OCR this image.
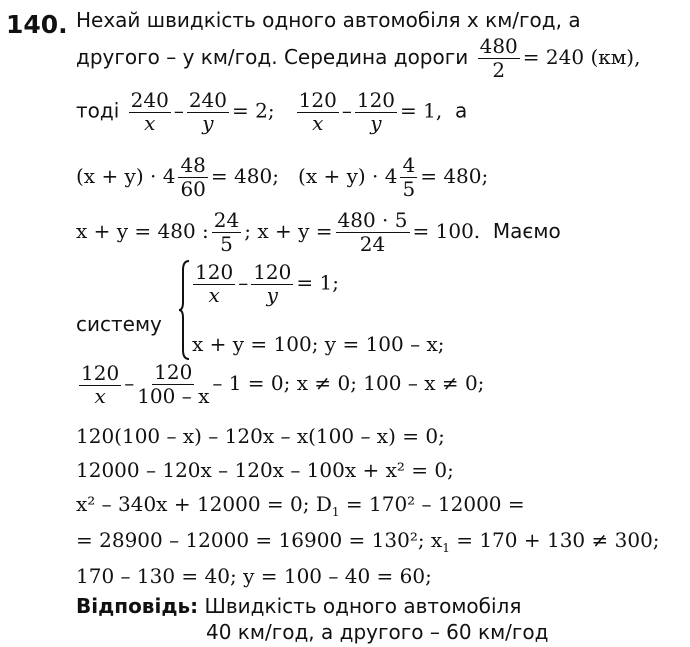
140. Нехай швидкість одного автомобіля x км/год, а
другого – y км/год. Середина дороги $\frac{480}{2} = 240$ (км),
тоді $\frac{240}{x} - \frac{240}{y} = 2$; $\frac{120}{x} - \frac{120}{y} = 1$, а
$(x + y) \cdot 4 \frac{48}{60} = 480$; $(x + y) \cdot 4 \frac{4}{5} = 480$;
x + y = 480 : $\frac{24}{5}$ ; $x + y = \frac{480 \cdot 5}{24} = 100$. Маємо
систему
$\frac{120}{x} - \frac{120}{y} = 1$;
x + y = 100; y = 100 – x;
$\frac{120}{x} - \frac{120}{100 - x} - 1 = 0$; x ≠ 0; 100 – x ≠ 0;
120(100 – x) – 120x – x(100 – x) = 0;
12000 – 120x – 120x – 100x + x² = 0;
x² – 340x + 12000 = 0; $D_1 = 170^2 - 12000$ =
= 28900 – 12000 = 16900 = 130²; $x_1 = 170 + 130 \ne 300$;
170 – 130 = 40; y = 100 – 40 = 60;
Відповідь: Швидкість одного автомобіля
40 км/год, а другого – 60 км/год
